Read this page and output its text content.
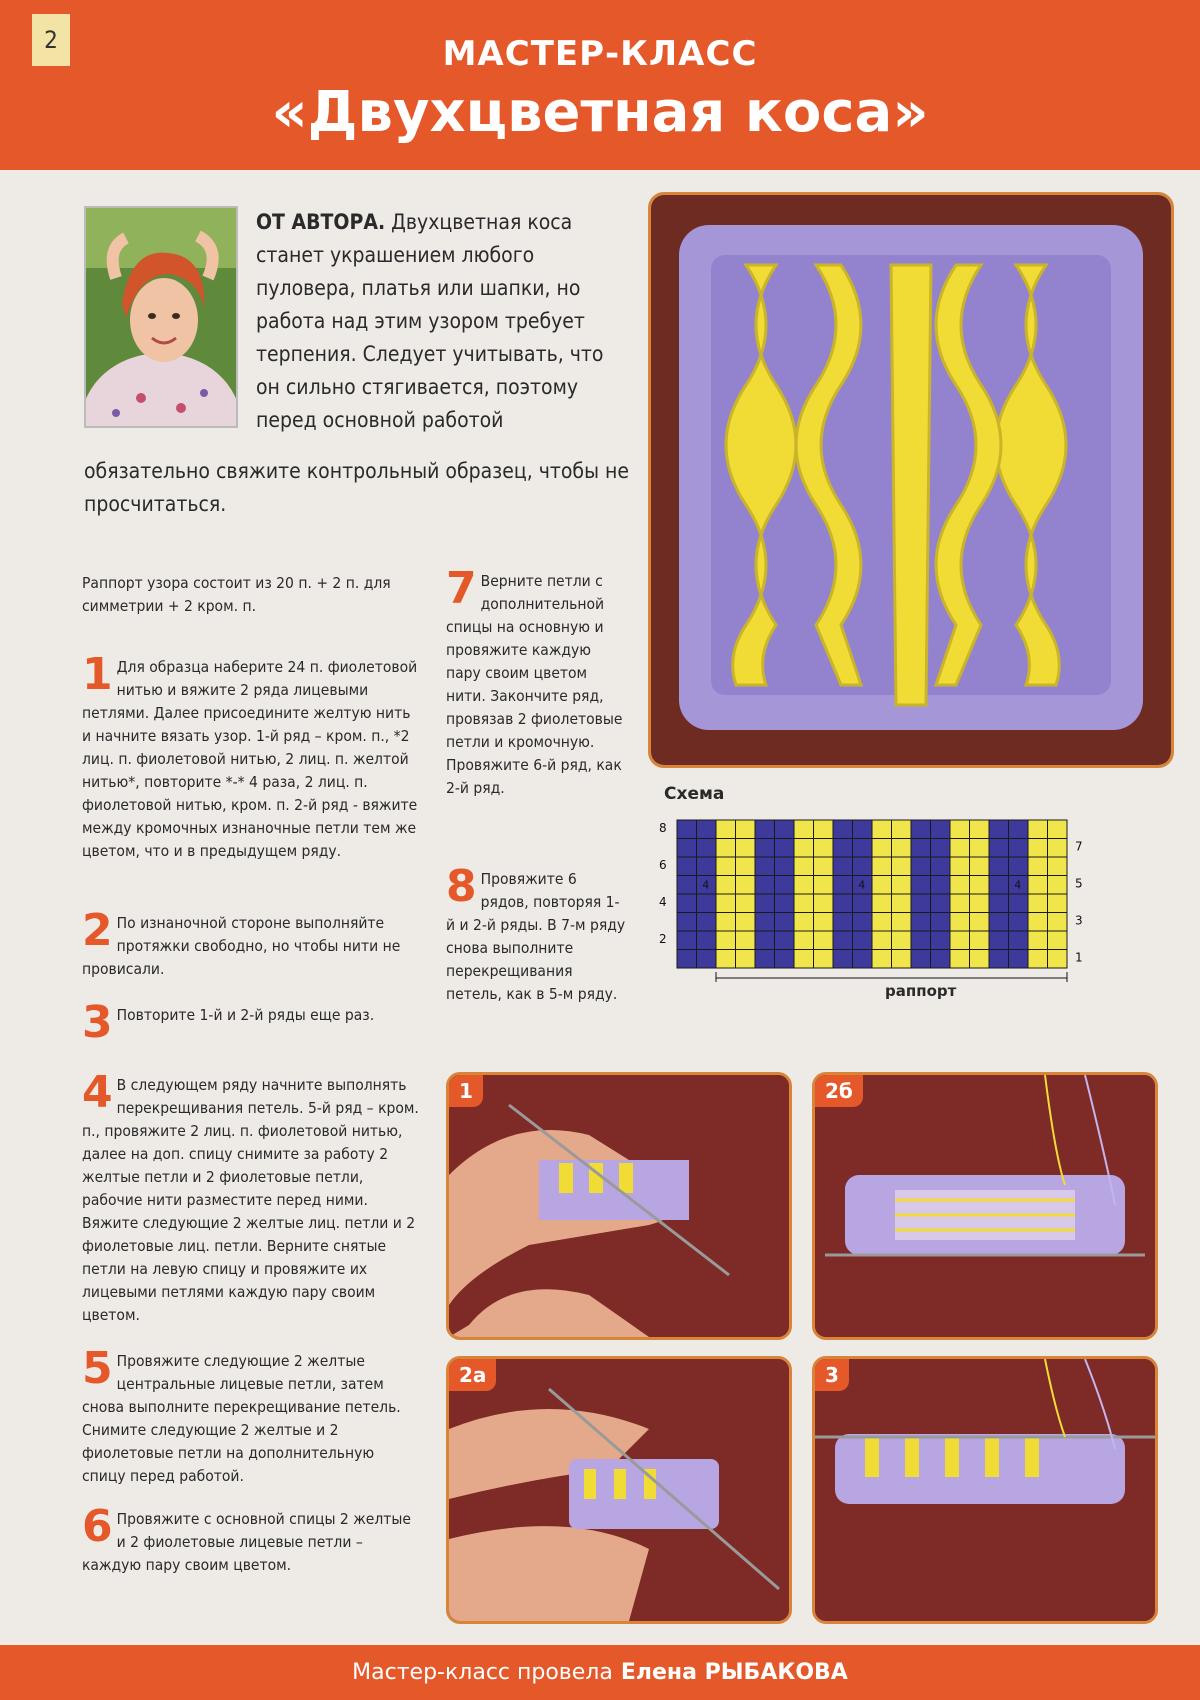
2	МАСТЕР-КЛАСС
«Двухцветная коса»
ОТ АВТОРА. Двухцветная коса станет украшением любого пуловера, платья или шапки, но работа над этим узором требует терпения. Следует учитывать, что он сильно стягивается, поэтому перед основной работой
обязательно свяжите контрольный образец, чтобы не просчитаться.
Раппорт узора состоит из 20 п. + 2 п. для симметрии + 2 кром. п.
1 Для образца наберите 24 п. фиолетовой нитью и вяжите 2 ряда лицевыми петлями. Далее присоедините желтую нить и начните вязать узор. 1-й ряд – кром. п., *2 лиц. п. фиолетовой нитью, 2 лиц. п. желтой нитью*, повторите *-* 4 раза, 2 лиц. п. фиолетовой нитью, кром. п. 2-й ряд - вяжите между кромочных изнаночные петли тем же цветом, что и в предыдущем ряду.
2 По изнаночной стороне выполняйте протяжки свободно, но чтобы нити не провисали.
3 Повторите 1-й и 2-й ряды еще раз.
4 В следующем ряду начните выполнять перекрещивания петель. 5-й ряд – кром. п., провяжите 2 лиц. п. фиолетовой нитью, далее на доп. спицу снимите за работу 2 желтые петли и 2 фиолетовые петли, рабочие нити разместите перед ними. Вяжите следующие 2 желтые лиц. петли и 2 фиолетовые лиц. петли. Верните снятые петли на левую спицу и провяжите их лицевыми петлями каждую пару своим цветом.
5 Провяжите следующие 2 желтые центральные лицевые петли, затем снова выполните перекрещивание петель. Снимите следующие 2 желтые и 2 фиолетовые петли на дополнительную спицу перед работой.
6 Провяжите с основной спицы 2 желтые и 2 фиолетовые лицевые петли – каждую пару своим цветом.
7 Верните петли с дополнительной спицы на основную и провяжите каждую пару своим цветом нити. Закончите ряд, провязав 2 фиолетовые петли и кромочную. Провяжите 6-й ряд, как 2-й ряд.
8 Провяжите 6 рядов, повторяя 1-й и 2-й ряды. В 7-м ряду снова выполните перекрещивания петель, как в 5-м ряду.
Схема
4	4	4
8
6
4
2
7
5
3
1
раппорт
1	2б
2а	3
Мастер-класс провела Елена РЫБАКОВА
